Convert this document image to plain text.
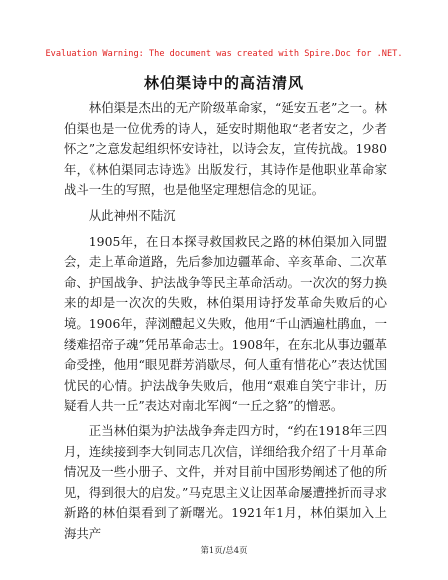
Evaluation Warning: The document was created with Spire.Doc for .NET.
林伯渠诗中的高洁清风

林伯渠是杰出的无产阶级革命家，“延安五老”之一。林伯渠也是一位优秀的诗人，延安时期他取“老者安之，少者怀之”之意发起组织怀安诗社，以诗会友，宣传抗战。1980年，《林伯渠同志诗选》出版发行，其诗作是他职业革命家战斗一生的写照，也是他坚定理想信念的见证。

从此神州不陆沉

1905年，在日本探寻救国救民之路的林伯渠加入同盟会，走上革命道路，先后参加边疆革命、辛亥革命、二次革命、护国战争、护法战争等民主革命活动。一次次的努力换来的却是一次次的失败，林伯渠用诗抒发革命失败后的心境。1906年，萍浏醴起义失败，他用“千山洒遍杜鹃血，一缕难招帝子魂”凭吊革命志士。1908年，在东北从事边疆革命受挫，他用“眼见群芳消歇尽，何人重有惜花心”表达忧国忧民的心情。护法战争失败后，他用“艰难自笑宁非计，历疑看人共一丘”表达对南北军阀“一丘之貉”的憎恶。

正当林伯渠为护法战争奔走四方时，“约在1918年三四月，连续接到李大钊同志几次信，详细给我介绍了十月革命情况及一些小册子、文件，并对目前中国形势阐述了他的所见，得到很大的启发。”马克思主义让因革命屡遭挫折而寻求新路的林伯渠看到了新曙光。1921年1月，林伯渠加入上海共产

第1页/总4页
